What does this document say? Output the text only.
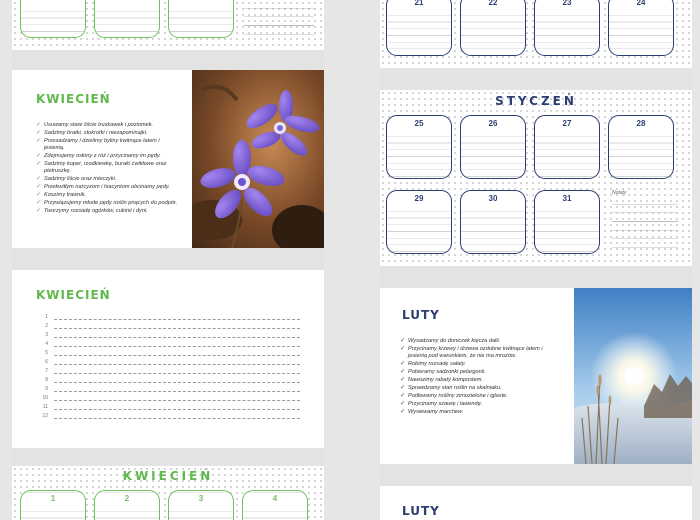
KWIECIEŃ
✓ Usuwamy stare liście truskawek i poziomek.
✓ Sadzimy bratki, stokrotki i niezapominajki.
✓ Przesadzamy i dzielimy byliny kwitnące latem i jesienią.
✓ Zdejmujemy osłony z róż i przycinamy im pędy.
✓ Sadzimy koper, rzodkiewkę, buraki ćwikłowe oraz pietruszkę.
✓ Sadzimy liście oraz mieczyki.
✓ Przekwitłym narcyzom i hiacyntom obcinamy pędy.
✓ Koszimy trawnik.
✓ Przywiązujemy młode pędy roślin pnących do podpór.
✓ Tworzymy rozsadę ogórków, cukinii i dyni.
KWIECIEŃ
1
2
3
4
5
6
7
8
9
10
11
12
KWIECIEŃ
1	2	3	4
21	22	23	24
STYCZEŃ
25	26	27	28
29	30	31
Notaty
LUTY
✓ Wysadzamy do doniczek kięcza dalii.
✓ Przycinamy krzewy i drzewa ozdobne kwitnące latem i jesienią pod warunkiem, że nie ma mrozów.
✓ Robimy rozsadę sałaty.
✓ Pobieramy sadzonki pelargonii.
✓ Nawozimy rabaty kompostem.
✓ Sprawdzamy stan roślin na skalniaku.
✓ Podlewamy rośliny zimozielone i iglaste.
✓ Przycinamy szawię i lawendę.
✓ Wysiewamy marchew.
LUTY
